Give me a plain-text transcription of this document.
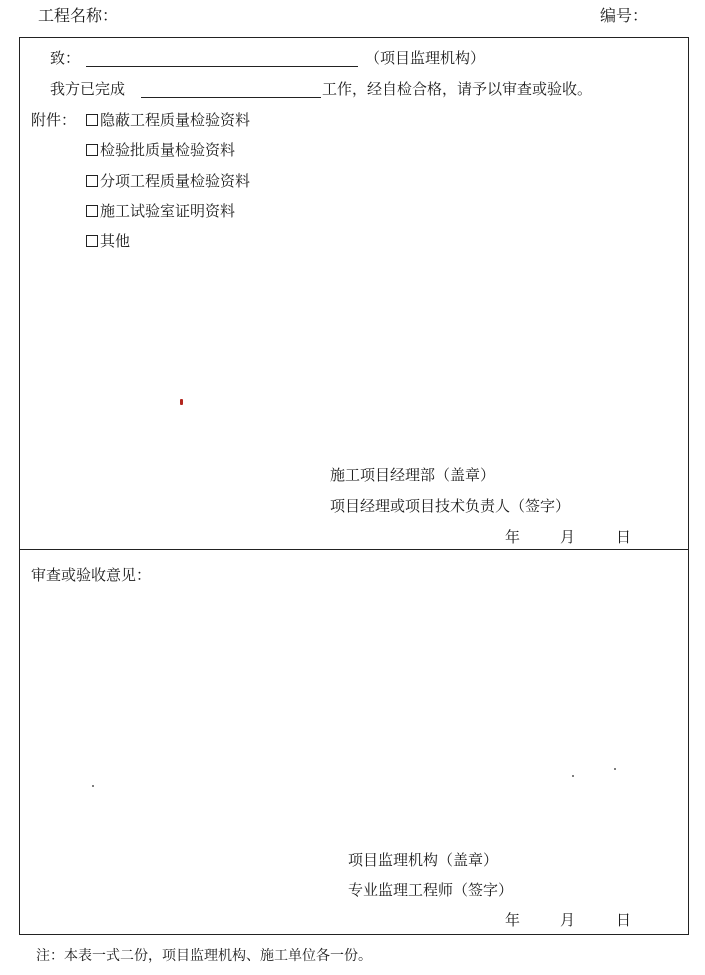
工程名称：	编号：
致：	（项目监理机构）
我方已完成	工作，经自检合格，请予以审查或验收。
附件： 隐蔽工程质量检验资料
检验批质量检验资料
分项工程质量检验资料
施工试验室证明资料
其他
施工项目经理部（盖章）
项目经理或项目技术负责人（签字）
年	月	日
审查或验收意见：
项目监理机构（盖章）
专业监理工程师（签字）
年	月	日
注：本表一式二份，项目监理机构、施工单位各一份。
